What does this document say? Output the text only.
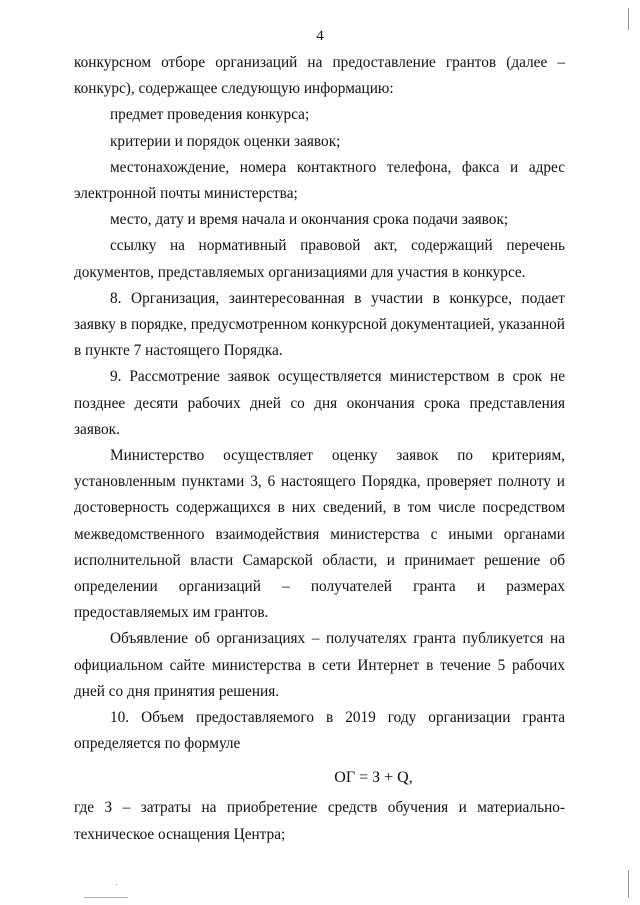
4

конкурсном отборе организаций на предоставление грантов (далее – конкурс), содержащее следующую информацию:

предмет проведения конкурса;

критерии и порядок оценки заявок;

местонахождение, номера контактного телефона, факса и адрес электронной почты министерства;

место, дату и время начала и окончания срока подачи заявок;

ссылку на нормативный правовой акт, содержащий перечень документов, представляемых организациями для участия в конкурсе.

8. Организация, заинтересованная в участии в конкурсе, подает заявку в порядке, предусмотренном конкурсной документацией, указанной в пункте 7 настоящего Порядка.

9. Рассмотрение заявок осуществляется министерством в срок не позднее десяти рабочих дней со дня окончания срока представления заявок.

Министерство осуществляет оценку заявок по критериям, установленным пунктами 3, 6 настоящего Порядка, проверяет полноту и достоверность содержащихся в них сведений, в том числе посредством межведомственного взаимодействия министерства с иными органами исполнительной власти Самарской области, и принимает решение об определении организаций – получателей гранта и размерах предоставляемых им грантов.

Объявление об организациях – получателях гранта публикуется на официальном сайте министерства в сети Интернет в течение 5 рабочих дней со дня принятия решения.

10. Объем предоставляемого в 2019 году организации гранта определяется по формуле

ОГ = З + Q,

где З – затраты на приобретение средств обучения и материально-техническое оснащения Центра;
